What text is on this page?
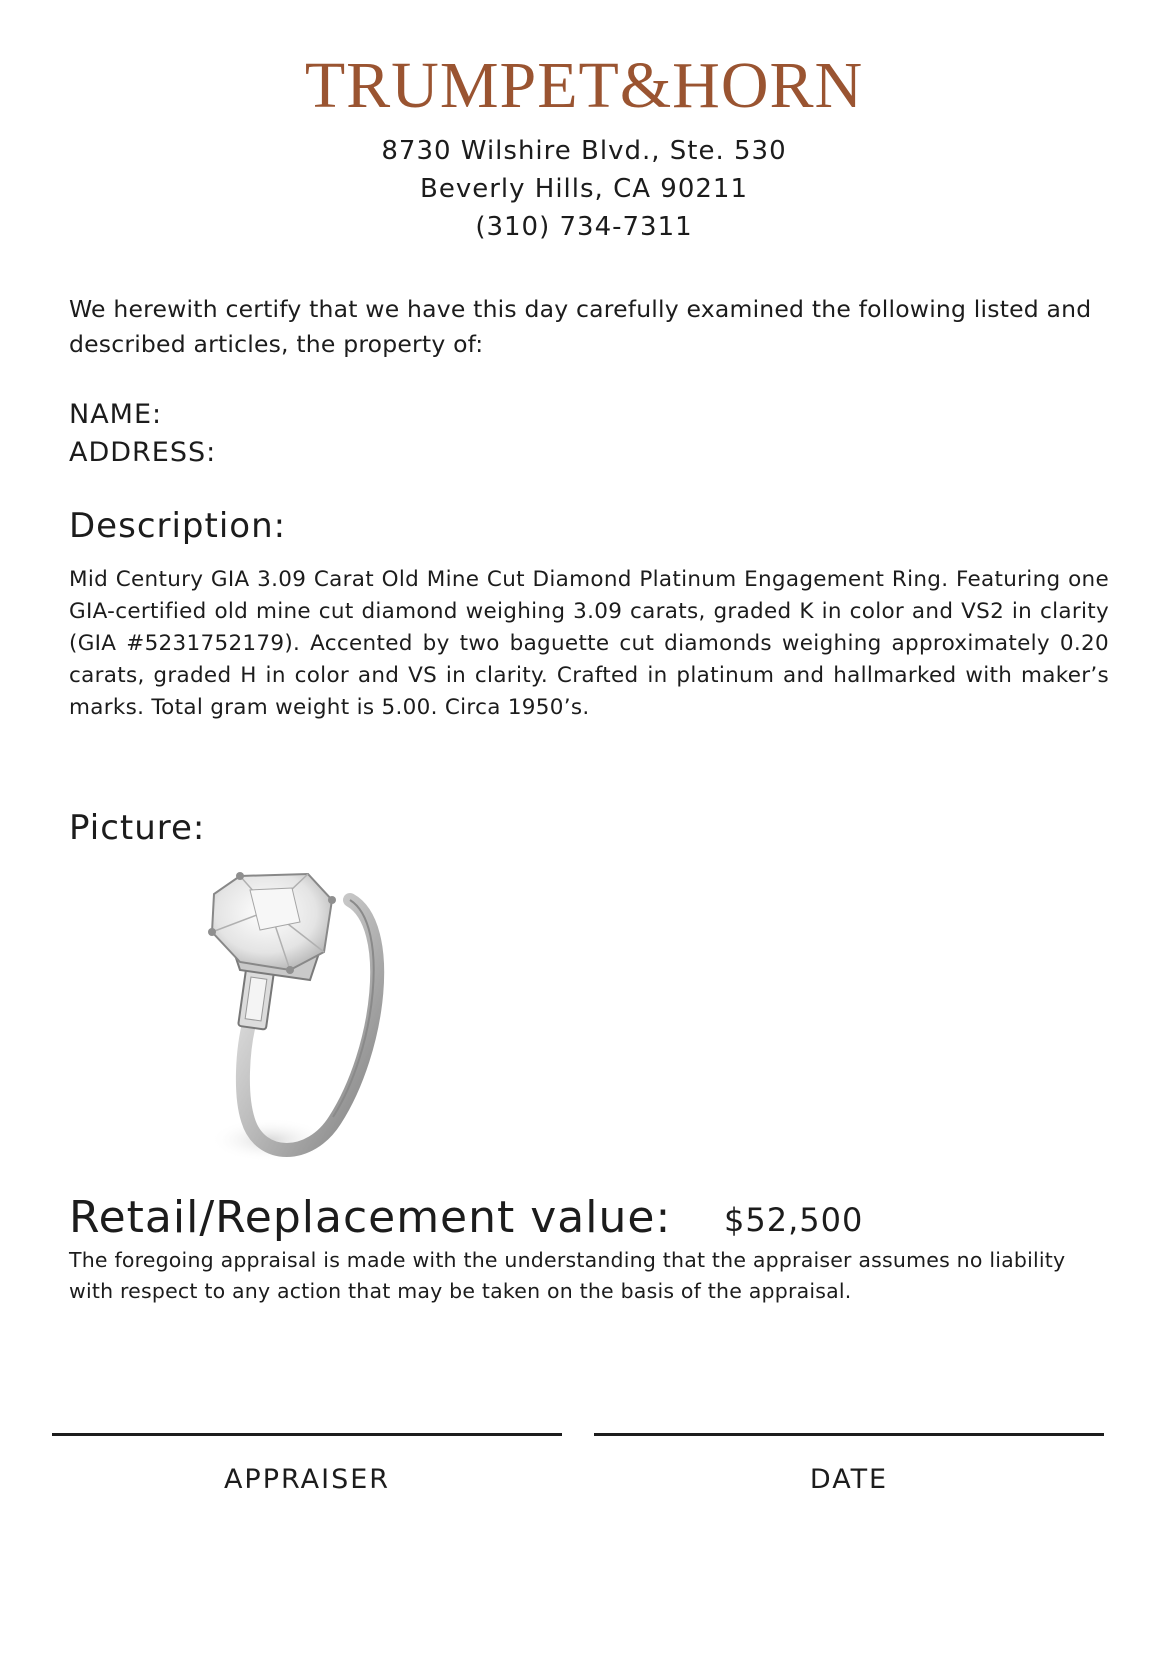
TRUMPET&HORN
8730 Wilshire Blvd., Ste. 530
Beverly Hills, CA 90211
(310) 734-7311
We herewith certify that we have this day carefully examined the following listed and described articles, the property of:
NAME:
ADDRESS:
Description:
Mid Century GIA 3.09 Carat Old Mine Cut Diamond Platinum Engagement Ring. Featuring one GIA-certified old mine cut diamond weighing 3.09 carats, graded K in color and VS2 in clarity (GIA #5231752179). Accented by two baguette cut diamonds weighing approximately 0.20 carats, graded H in color and VS in clarity. Crafted in platinum and hallmarked with maker’s marks. Total gram weight is 5.00. Circa 1950’s.
Picture:
Retail/Replacement value: $52,500
The foregoing appraisal is made with the understanding that the appraiser assumes no liability with respect to any action that may be taken on the basis of the appraisal.
APPRAISER	DATE
